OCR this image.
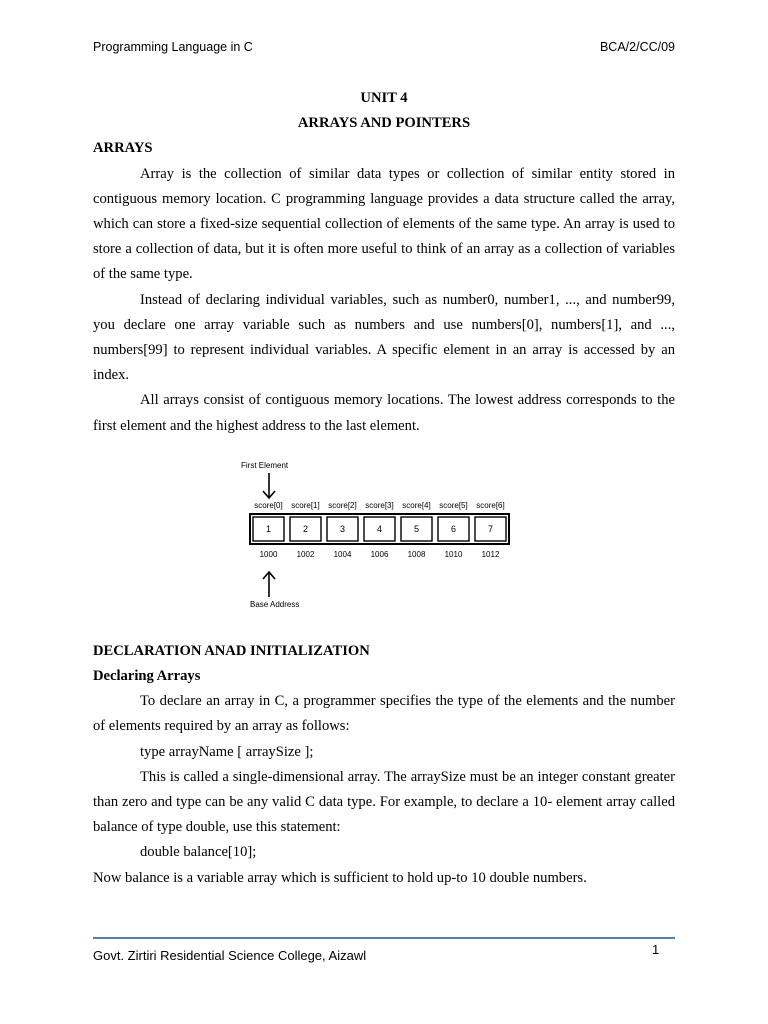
Programming Language in C	BCA/2/CC/09
UNIT 4
ARRAYS AND POINTERS
ARRAYS

Array is the collection of similar data types or collection of similar entity stored in contiguous memory location. C programming language provides a data structure called the array, which can store a fixed-size sequential collection of elements of the same type. An array is used to store a collection of data, but it is often more useful to think of an array as a collection of variables of the same type.

Instead of declaring individual variables, such as number0, number1, ..., and number99, you declare one array variable such as numbers and use numbers[0], numbers[1], and ..., numbers[99] to represent individual variables. A specific element in an array is accessed by an index.

All arrays consist of contiguous memory locations. The lowest address corresponds to the first element and the highest address to the last element.

First Element
score[0]
1
1000
score[1]
2
1002
score[2]
3
1004
score[3]
4
1006
score[4]
5
1008
score[5]
6
1010
score[6]
7
1012
Base Address
DECLARATION ANAD INITIALIZATION
Declaring Arrays

To declare an array in C, a programmer specifies the type of the elements and the number of elements required by an array as follows:

type arrayName [ arraySize ];

This is called a single-dimensional array. The arraySize must be an integer constant greater than zero and type can be any valid C data type. For example, to declare a 10- element array called balance of type double, use this statement:

double balance[10];

Now balance is a variable array which is sufficient to hold up-to 10 double numbers.

Govt. Zirtiri Residential Science College, Aizawl	1
